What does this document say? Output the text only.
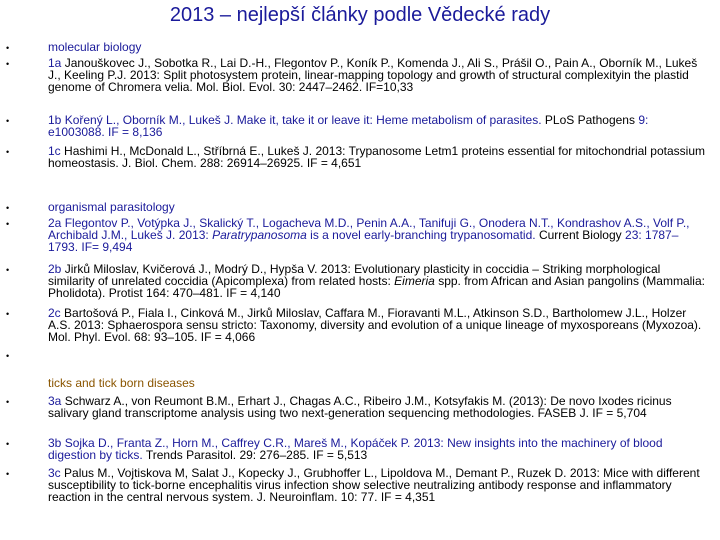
2013 – nejlepší články podle Vědecké rady
•	molecular biology
•	1a Janouškovec J., Sobotka R., Lai D.-H., Flegontov P., Koník P., Komenda J., Ali S., Prášil O., Pain A., Oborník M., Lukeš J., Keeling P.J. 2013: Split photosystem protein, linear-mapping topology and growth of structural complexityin the plastid genome of Chromera velia. Mol. Biol. Evol. 30: 2447–2462. IF=10,33
•	1b Kořený L., Oborník M., Lukeš J. Make it, take it or leave it: Heme metabolism of parasites. PLoS Pathogens 9: e1003088. IF = 8,136
•	1c Hashimi H., McDonald L., Stříbrná E., Lukeš J. 2013: Trypanosome Letm1 proteins essential for mitochondrial potassium homeostasis. J. Biol. Chem. 288: 26914–26925. IF = 4,651
•	organismal parasitology
•	2a Flegontov P., Votýpka J., Skalický T., Logacheva M.D., Penin A.A., Tanifuji G., Onodera N.T., Kondrashov A.S., Volf P., Archibald J.M., Lukeš J. 2013: Paratrypanosoma is a novel early-branching trypanosomatid. Current Biology 23: 1787–1793. IF= 9,494
•	2b Jirků Miloslav, Kvičerová J., Modrý D., Hypša V. 2013: Evolutionary plasticity in coccidia – Striking morphological similarity of unrelated coccidia (Apicomplexa) from related hosts: Eimeria spp. from African and Asian pangolins (Mammalia: Pholidota). Protist 164: 470–481. IF = 4,140
•	2c Bartošová P., Fiala I., Cinková M., Jirků Miloslav, Caffara M., Fioravanti M.L., Atkinson S.D., Bartholomew J.L., Holzer A.S. 2013: Sphaerospora sensu stricto: Taxonomy, diversity and evolution of a unique lineage of myxosporeans (Myxozoa). Mol. Phyl. Evol. 68: 93–105. IF = 4,066
•
ticks and tick born diseases
•	3a Schwarz A., von Reumont B.M., Erhart J., Chagas A.C., Ribeiro J.M., Kotsyfakis M. (2013): De novo Ixodes ricinus salivary gland transcriptome analysis using two next-generation sequencing methodologies. FASEB J. IF = 5,704
•	3b Sojka D., Franta Z., Horn M., Caffrey C.R., Mareš M., Kopáček P. 2013: New insights into the machinery of blood digestion by ticks. Trends Parasitol. 29: 276–285. IF = 5,513
•	3c Palus M., Vojtiskova M, Salat J., Kopecky J., Grubhoffer L., Lipoldova M., Demant P., Ruzek D. 2013: Mice with different susceptibility to tick-borne encephalitis virus infection show selective neutralizing antibody response and inflammatory reaction in the central nervous system. J. Neuroinflam. 10: 77. IF = 4,351
